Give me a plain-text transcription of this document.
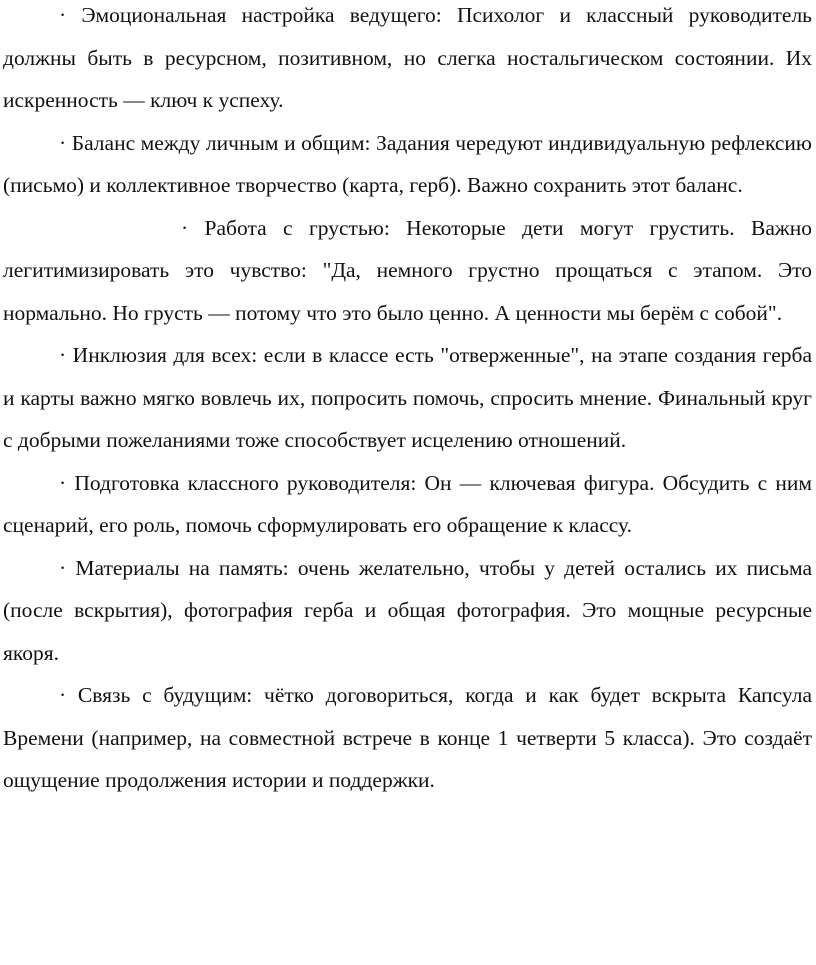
· Эмоциональная настройка ведущего: Психолог и классный руководитель должны быть в ресурсном, позитивном, но слегка ностальгическом состоянии. Их искренность — ключ к успеху.

· Баланс между личным и общим: Задания чередуют индивидуальную рефлексию (письмо) и коллективное творчество (карта, герб). Важно сохранить этот баланс.

· Работа с грустью: Некоторые дети могут грустить. Важно легитимизировать это чувство: "Да, немного грустно прощаться с этапом. Это нормально. Но грусть — потому что это было ценно. А ценности мы берём с собой".

· Инклюзия для всех: если в классе есть "отверженные", на этапе создания герба и карты важно мягко вовлечь их, попросить помочь, спросить мнение. Финальный круг с добрыми пожеланиями тоже способствует исцелению отношений.

· Подготовка классного руководителя: Он — ключевая фигура. Обсудить с ним сценарий, его роль, помочь сформулировать его обращение к классу.

· Материалы на память: очень желательно, чтобы у детей остались их письма (после вскрытия), фотография герба и общая фотография. Это мощные ресурсные якоря.

· Связь с будущим: чётко договориться, когда и как будет вскрыта Капсула Времени (например, на совместной встрече в конце 1 четверти 5 класса). Это создаёт ощущение продолжения истории и поддержки.
